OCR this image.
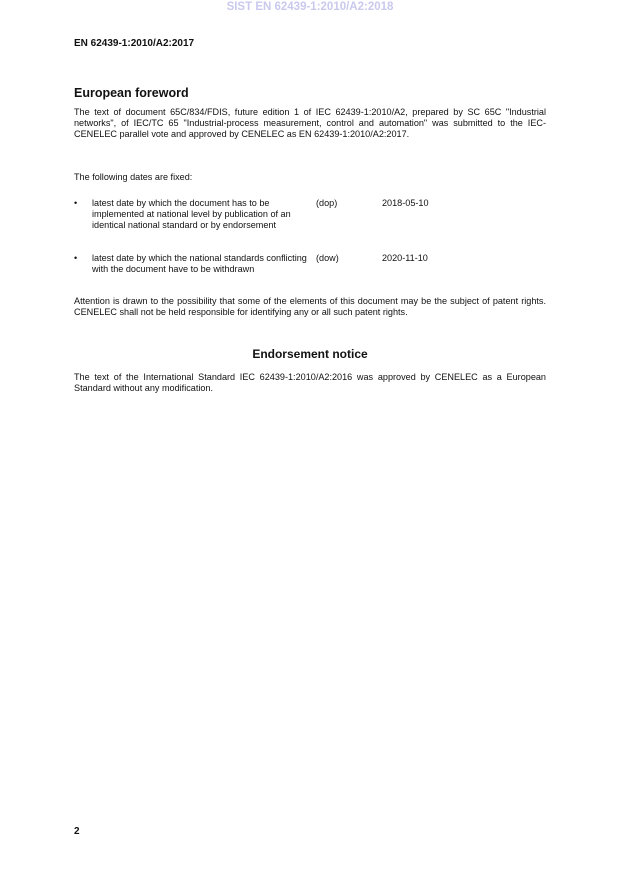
SIST EN 62439-1:2010/A2:2018
EN 62439-1:2010/A2:2017
European foreword
The text of document 65C/834/FDIS, future edition 1 of IEC 62439-1:2010/A2, prepared by SC 65C "Industrial networks", of IEC/TC 65 "Industrial-process measurement, control and automation" was submitted to the IEC-CENELEC parallel vote and approved by CENELEC as EN 62439-1:2010/A2:2017.
The following dates are fixed:
• latest date by which the document has to be implemented at national level by publication of an identical national standard or by endorsement
(dop)	2018-05-10
• latest date by which the national standards conflicting with the document have to be withdrawn
(dow)	2020-11-10
Attention is drawn to the possibility that some of the elements of this document may be the subject of patent rights. CENELEC shall not be held responsible for identifying any or all such patent rights.
Endorsement notice
The text of the International Standard IEC 62439-1:2010/A2:2016 was approved by CENELEC as a European Standard without any modification.
2
